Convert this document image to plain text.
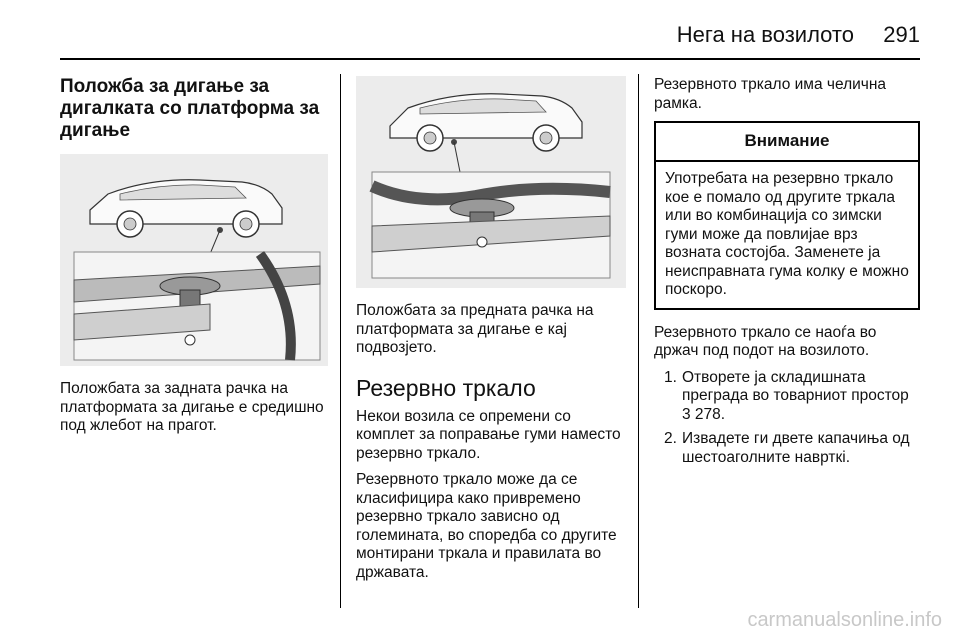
Нега на возилото 291
Положба за дигање за дигалката со платформа за дигање

Положбата за задната рачка на платформата за дигање е средишно под жлебот на прагот.

Положбата за предната рачка на платформата за дигање е кај подвозјето.

Резервно тркало

Некои возила се опремени со комплет за поправање гуми наместо резервно тркало.

Резервното тркало може да се класифицира како привремено резервно тркало зависно од големината, во споредба со другите монтирани тркала и правилата во државата.

Резервното тркало има челична рамка.

Внимание
Употребата на резервно тркало кое е помало од другите тркала или во комбинација со зимски гуми може да повлијае врз возната состојба. Заменете ја неисправната гума колку е можно поскоро.

Резервното тркало се наоѓа во држач под подот на возилото.

1. Отворете ја складишната преграда во товарниот простор
3 278.
2. Извадете ги двете капачиња од шестоаголните наврткi.
carmanualsonline.info
